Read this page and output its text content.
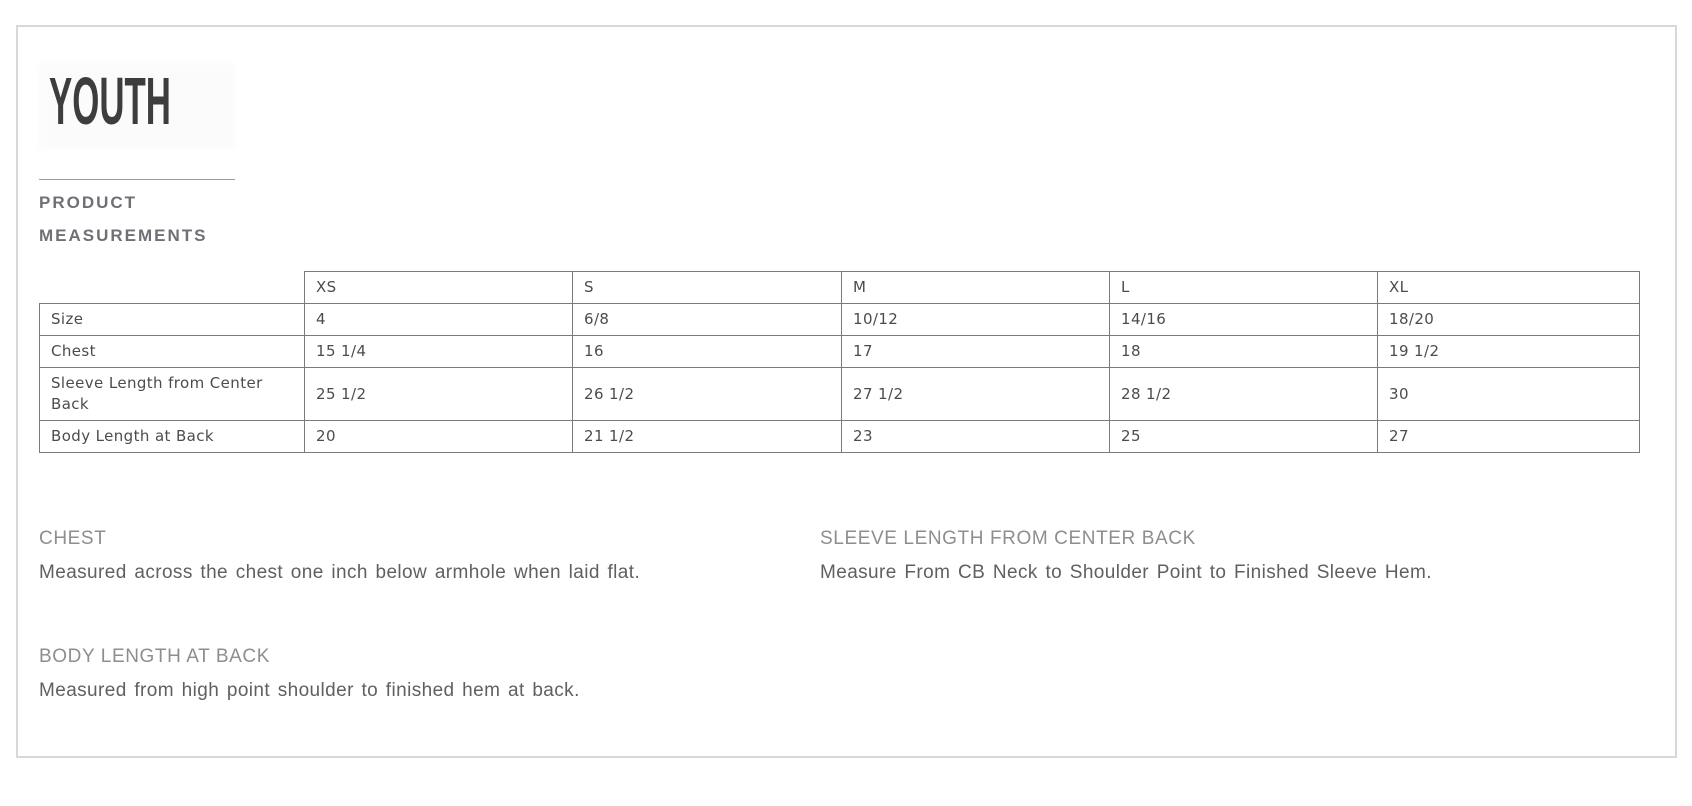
YOUTH
PRODUCT
MEASUREMENTS
	XS	S	M	L	XL
Size	4	6/8	10/12	14/16	18/20
Chest	15 1/4	16	17	18	19 1/2
Sleeve Length from Center Back	25 1/2	26 1/2	27 1/2	28 1/2	30
Body Length at Back	20	21 1/2	23	25	27
CHEST

Measured across the chest one inch below armhole when laid flat.

SLEEVE LENGTH FROM CENTER BACK

Measure From CB Neck to Shoulder Point to Finished Sleeve Hem.

BODY LENGTH AT BACK

Measured from high point shoulder to finished hem at back.
